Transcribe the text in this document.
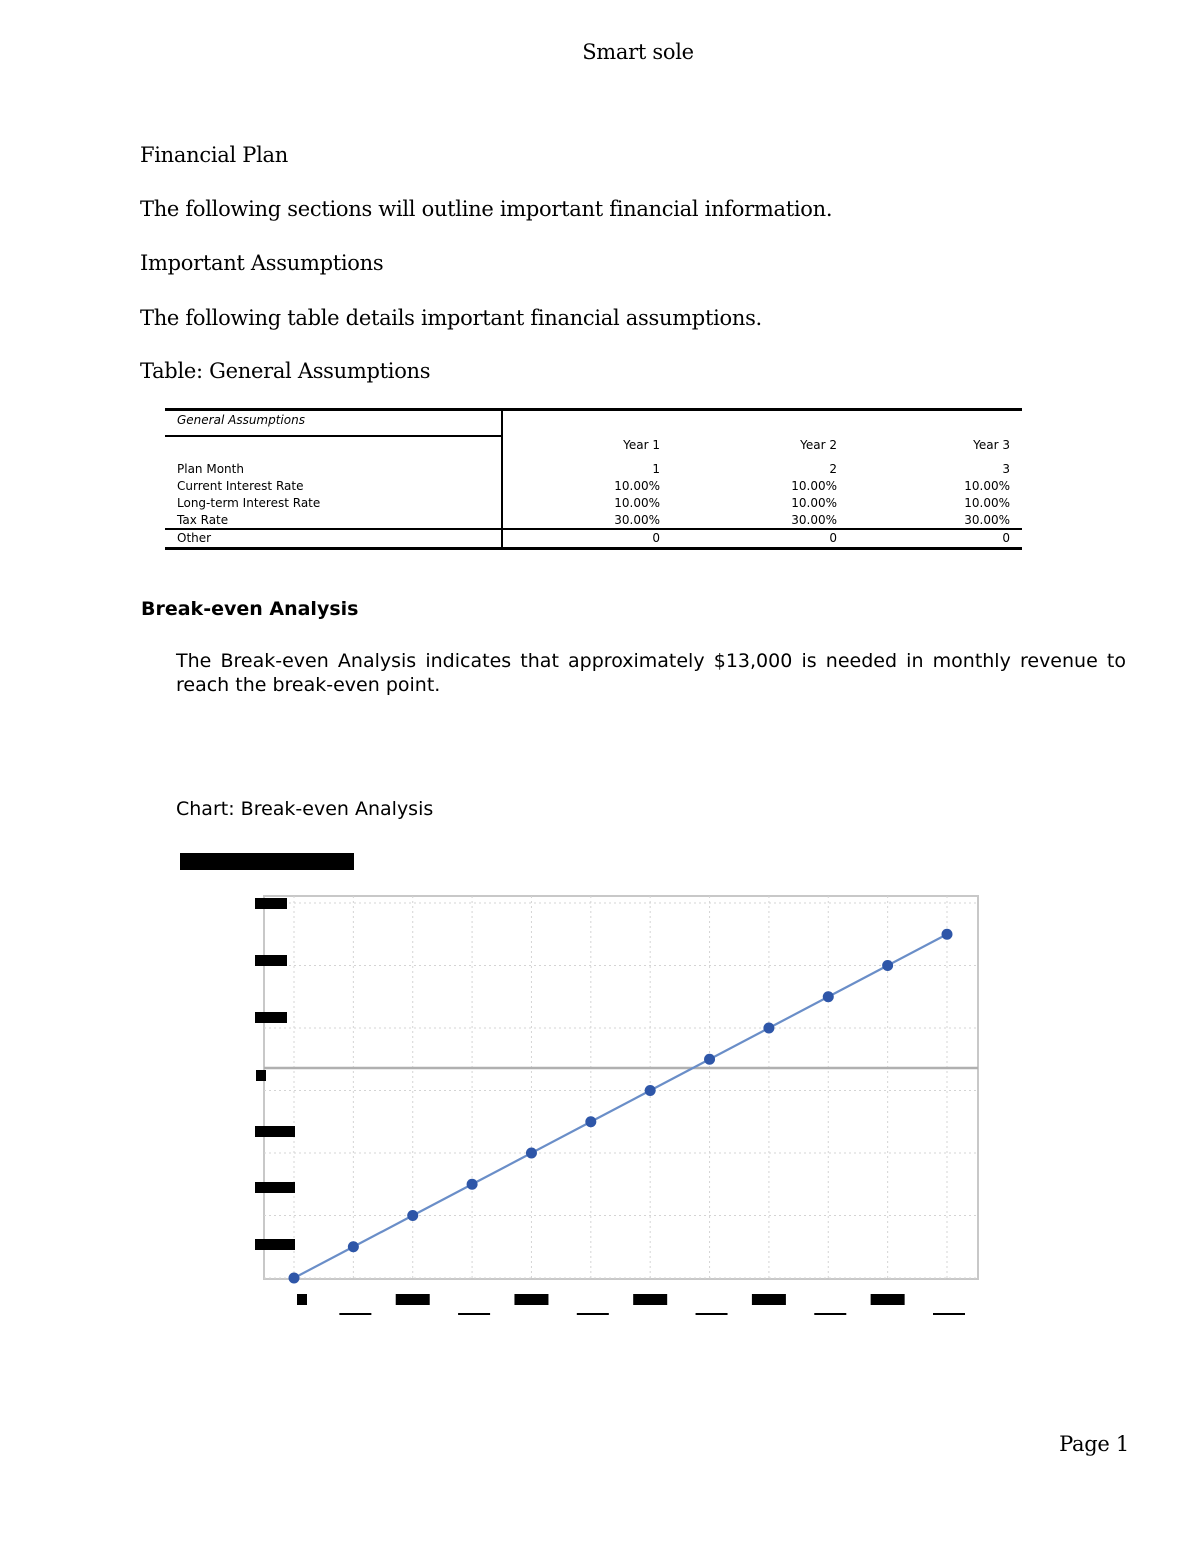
Smart sole
Financial Plan
The following sections will outline important financial information.
Important Assumptions
The following table details important financial assumptions.
Table: General Assumptions
General Assumptions
Year 1	Year 2	Year 3
Plan Month	1	2	3
Current Interest Rate	10.00%	10.00%	10.00%
Long-term Interest Rate	10.00%	10.00%	10.00%
Tax Rate	30.00%	30.00%	30.00%
Other	0	0	0
Break-even Analysis
The Break-even Analysis indicates that approximately $13,000 is needed in monthly revenue to reach the break-even point.
Chart: Break-even Analysis
Page 1
